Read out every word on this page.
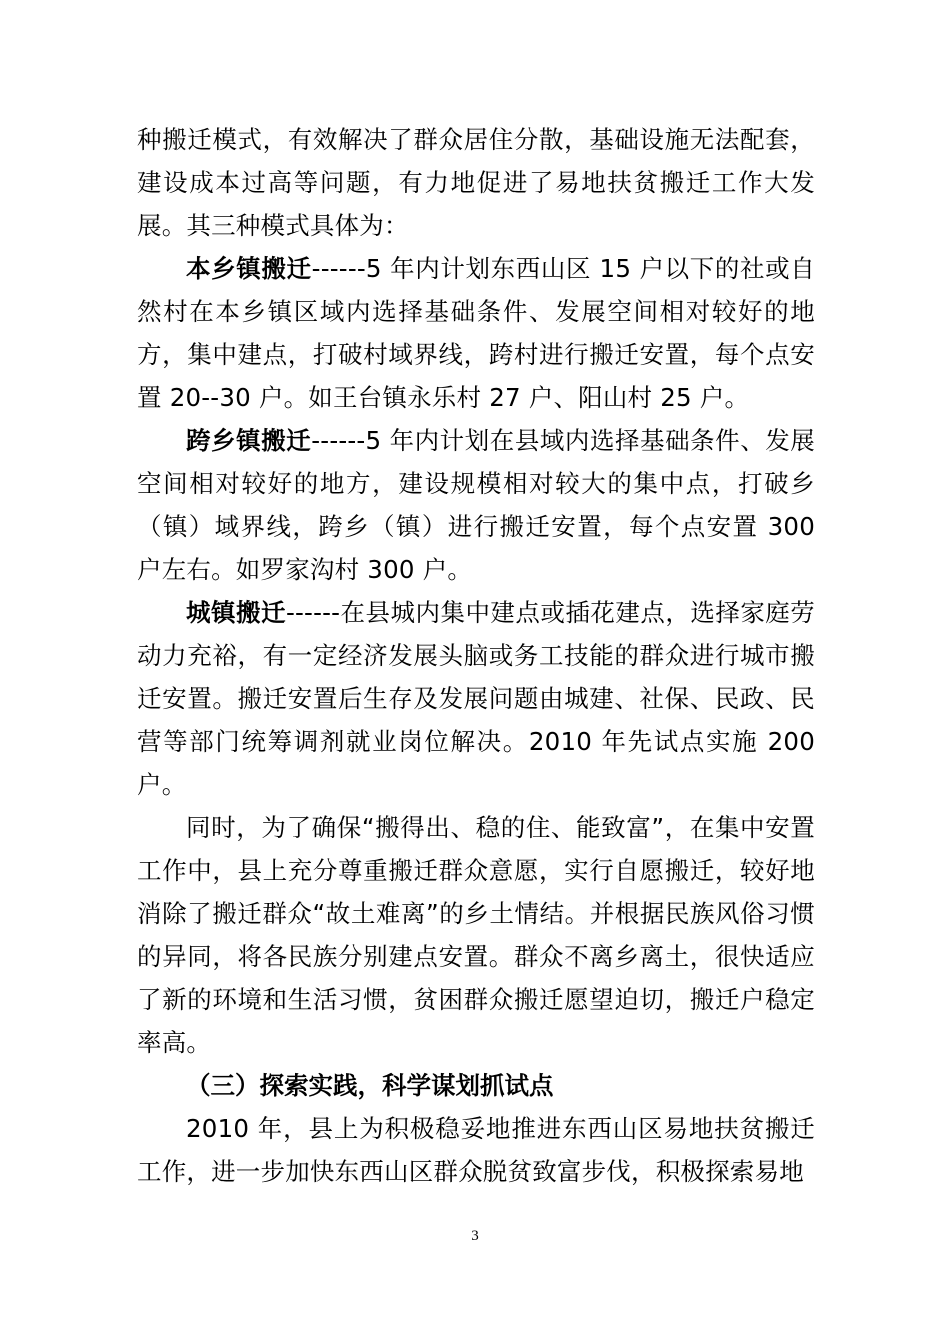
种搬迁模式，有效解决了群众居住分散，基础设施无法配套，建设成本过高等问题，有力地促进了易地扶贫搬迁工作大发展。其三种模式具体为：

本乡镇搬迁------5 年内计划东西山区 15 户以下的社或自然村在本乡镇区域内选择基础条件、发展空间相对较好的地方，集中建点，打破村域界线，跨村进行搬迁安置，每个点安置 20--30 户。如王台镇永乐村 27 户、阳山村 25 户。

跨乡镇搬迁------5 年内计划在县域内选择基础条件、发展空间相对较好的地方，建设规模相对较大的集中点，打破乡（镇）域界线，跨乡（镇）进行搬迁安置，每个点安置 300 户左右。如罗家沟村 300 户。

城镇搬迁------在县城内集中建点或插花建点，选择家庭劳动力充裕，有一定经济发展头脑或务工技能的群众进行城市搬迁安置。搬迁安置后生存及发展问题由城建、社保、民政、民营等部门统筹调剂就业岗位解决。2010 年先试点实施 200 户。

同时，为了确保“搬得出、稳的住、能致富”，在集中安置工作中，县上充分尊重搬迁群众意愿，实行自愿搬迁，较好地消除了搬迁群众“故土难离”的乡土情结。并根据民族风俗习惯的异同，将各民族分别建点安置。群众不离乡离土，很快适应了新的环境和生活习惯，贫困群众搬迁愿望迫切，搬迁户稳定率高。

（三）探索实践，科学谋划抓试点

2010 年，县上为积极稳妥地推进东西山区易地扶贫搬迁工作，进一步加快东西山区群众脱贫致富步伐，积极探索易地

3
